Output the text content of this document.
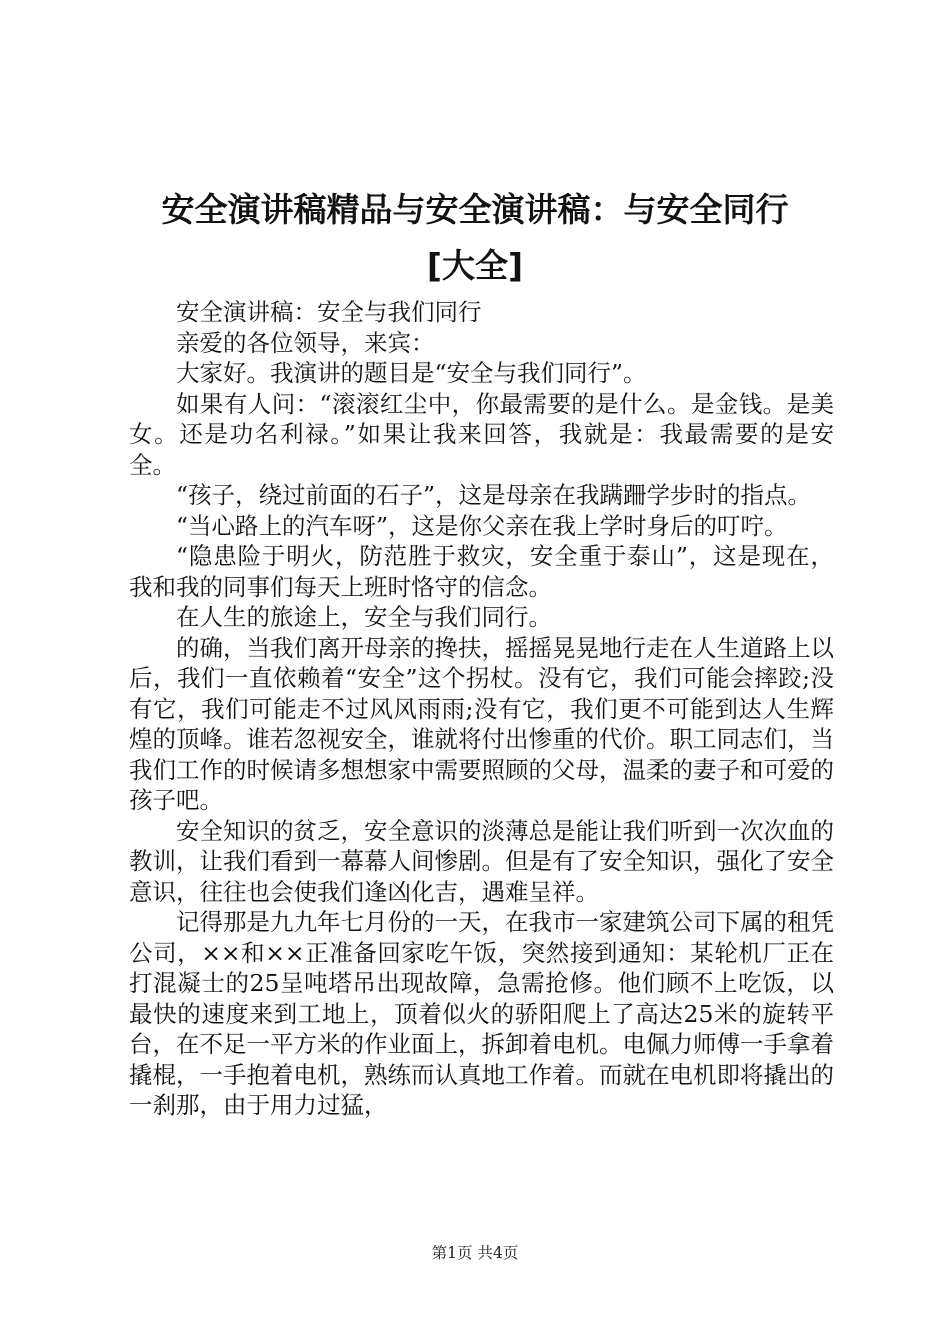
安全演讲稿精品与安全演讲稿：与安全同行
[大全]

安全演讲稿：安全与我们同行

亲爱的各位领导，来宾：

大家好。我演讲的题目是“安全与我们同行”。

如果有人问：“滚滚红尘中，你最需要的是什么。是金钱。是美女。还是功名利禄。”如果让我来回答，我就是：我最需要的是安全。

“孩子，绕过前面的石子”，这是母亲在我蹒跚学步时的指点。

“当心路上的汽车呀”，这是你父亲在我上学时身后的叮咛。

“隐患险于明火，防范胜于救灾，安全重于泰山”，这是现在，我和我的同事们每天上班时恪守的信念。

在人生的旅途上，安全与我们同行。

的确，当我们离开母亲的搀扶，摇摇晃晃地行走在人生道路上以后，我们一直依赖着“安全”这个拐杖。没有它，我们可能会摔跤;没有它，我们可能走不过风风雨雨;没有它，我们更不可能到达人生辉煌的顶峰。谁若忽视安全，谁就将付出惨重的代价。职工同志们，当我们工作的时候请多想想家中需要照顾的父母，温柔的妻子和可爱的孩子吧。

安全知识的贫乏，安全意识的淡薄总是能让我们听到一次次血的教训，让我们看到一幕幕人间惨剧。但是有了安全知识，强化了安全意识，往往也会使我们逢凶化吉，遇难呈祥。

记得那是九九年七月份的一天，在我市一家建筑公司下属的租凭公司，××和××正准备回家吃午饭，突然接到通知：某轮机厂正在打混凝士的25呈吨塔吊出现故障，急需抢修。他们顾不上吃饭，以最快的速度来到工地上，顶着似火的骄阳爬上了高达25米的旋转平台，在不足一平方米的作业面上，拆卸着电机。电佩力师傅一手拿着撬棍，一手抱着电机，熟练而认真地工作着。而就在电机即将撬出的一刹那，由于用力过猛，

第1页 共4页
